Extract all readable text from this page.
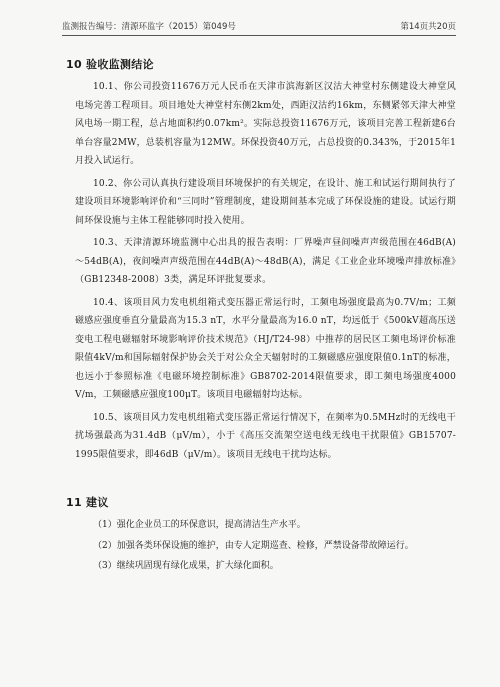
监测报告编号：清源环监字（2015）第049号	第14页共20页
10 验收监测结论

10.1、你公司投资11676万元人民币在天津市滨海新区汉沽大神堂村东侧建设大神堂风电场完善工程项目。项目地处大神堂村东侧2km处，西距汉沽约16km，东侧紧邻天津大神堂风电场一期工程，总占地面积约0.07km²。实际总投资11676万元，该项目完善工程新建6台单台容量2MW，总装机容量为12MW。环保投资40万元，占总投资的0.343%，于2015年1月投入试运行。

10.2、你公司认真执行建设项目环境保护的有关规定，在设计、施工和试运行期间执行了建设项目环境影响评价和“三同时”管理制度，建设期间基本完成了环保设施的建设。试运行期间环保设施与主体工程能够同时投入使用。

10.3、天津清源环境监测中心出具的报告表明：厂界噪声昼间噪声声级范围在46dB(A)～54dB(A)，夜间噪声声级范围在44dB(A)～48dB(A)，满足《工业企业环境噪声排放标准》（GB12348-2008）3类，满足环评批复要求。

10.4、该项目风力发电机组箱式变压器正常运行时，工频电场强度最高为0.7V/m；工频磁感应强度垂直分量最高为15.3 nT，水平分量最高为16.0 nT，均远低于《500kV超高压送变电工程电磁辐射环境影响评价技术规范》（HJ/T24-98）中推荐的居民区工频电场评价标准限值4kV/m和国际辐射保护协会关于对公众全天辐射时的工频磁感应强度限值0.1nT的标准，也远小于参照标准《电磁环境控制标准》GB8702-2014限值要求，即工频电场强度4000 V/m，工频磁感应强度100μT。该项目电磁辐射均达标。

10.5、该项目风力发电机组箱式变压器正常运行情况下，在频率为0.5MHz时的无线电干扰场强最高为31.4dB（μV/m），小于《高压交流架空送电线无线电干扰限值》GB15707-1995限值要求，即46dB（μV/m）。该项目无线电干扰均达标。

11 建议

（1）强化企业员工的环保意识，提高清洁生产水平。

（2）加强各类环保设施的维护，由专人定期巡查、检修，严禁设备带故障运行。

（3）继续巩固现有绿化成果，扩大绿化面积。
